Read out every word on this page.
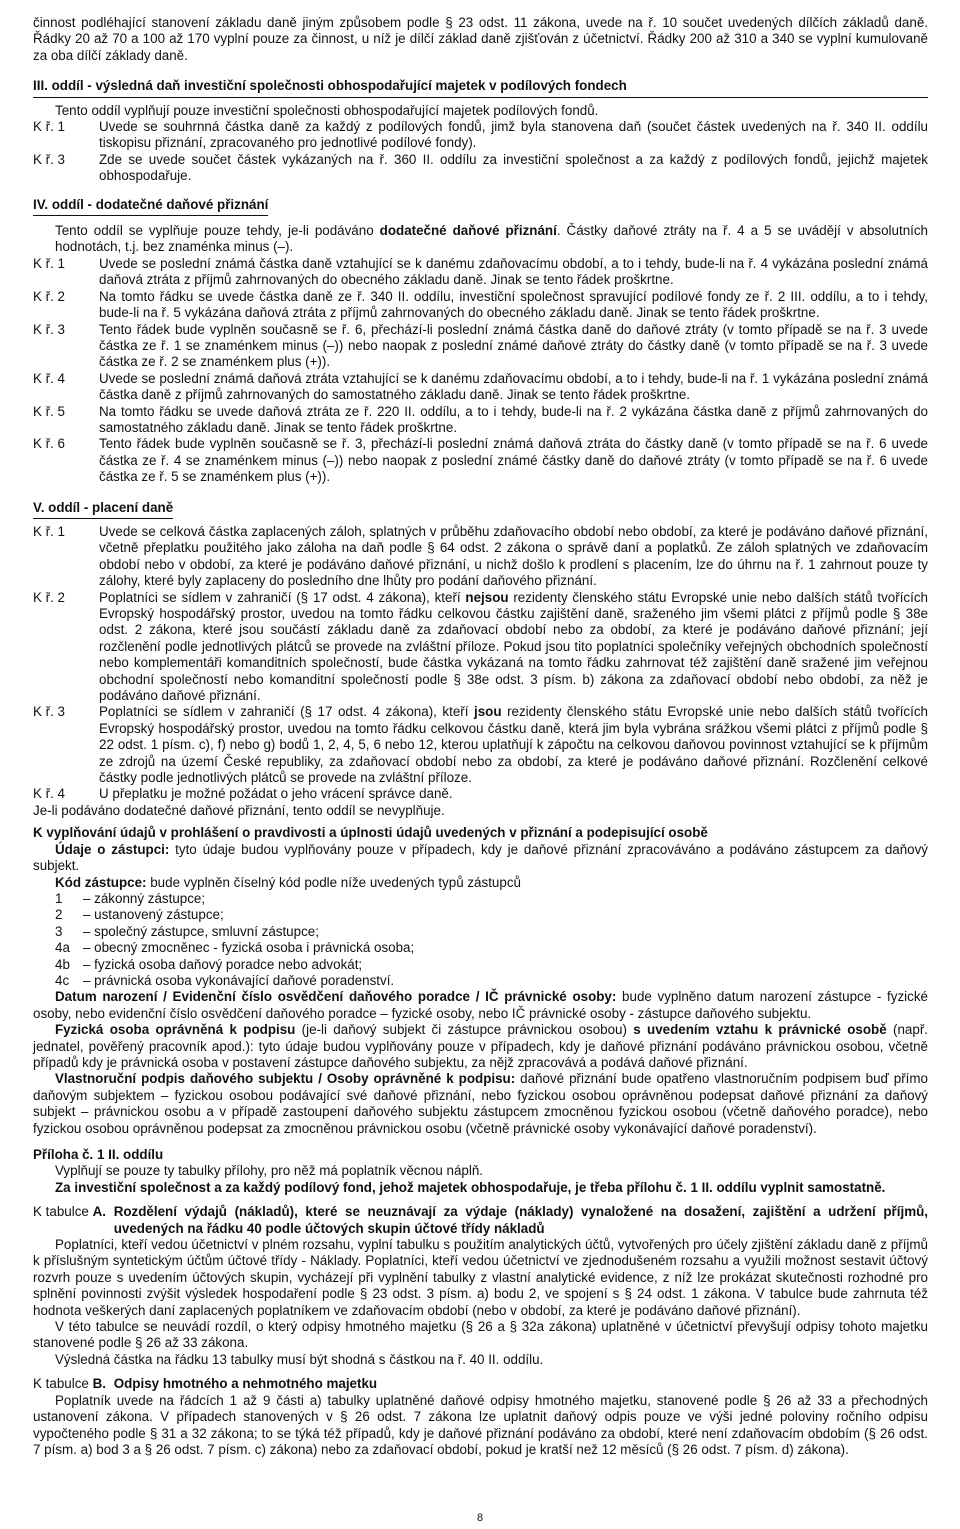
činnost podléhající stanovení základu daně jiným způsobem podle § 23 odst. 11 zákona, uvede na ř. 10 součet uvedených dílčích základů daně. Řádky 20 až 70 a 100 až 170 vyplní pouze za činnost, u níž je dílčí základ daně zjišťován z účetnictví. Řádky 200 až 310 a 340 se vyplní kumulovaně za oba dílčí základy daně.

III. oddíl - výsledná daň investiční společnosti obhospodařující majetek v podílových fondech

Tento oddíl vyplňují pouze investiční společnosti obhospodařující majetek podílových fondů.

K ř. 1	Uvede se souhrnná částka daně za každý z podílových fondů, jimž byla stanovena daň (součet částek uvedených na ř. 340 II. oddílu tiskopisu přiznání, zpracovaného pro jednotlivé podílové fondy).
K ř. 3	Zde se uvede součet částek vykázaných na ř. 360 II. oddílu za investiční společnost a za každý z podílových fondů, jejichž majetek obhospodařuje.
IV. oddíl - dodatečné daňové přiznání

Tento oddíl se vyplňuje pouze tehdy, je-li podáváno dodatečné daňové přiznání. Částky daňové ztráty na ř. 4 a 5 se uvádějí v absolutních hodnotách, t.j. bez znaménka minus (–).

K ř. 1	Uvede se poslední známá částka daně vztahující se k danému zdaňovacímu období, a to i tehdy, bude-li na ř. 4 vykázána poslední známá daňová ztráta z příjmů zahrnovaných do obecného základu daně. Jinak se tento řádek proškrtne.
K ř. 2	Na tomto řádku se uvede částka daně ze ř. 340 II. oddílu, investiční společnost spravující podílové fondy ze ř. 2 III. oddílu, a to i tehdy, bude-li na ř. 5 vykázána daňová ztráta z příjmů zahrnovaných do obecného základu daně. Jinak se tento řádek proškrtne.
K ř. 3	Tento řádek bude vyplněn současně se ř. 6, přechází-li poslední známá částka daně do daňové ztráty (v tomto případě se na ř. 3 uvede částka ze ř. 1 se znaménkem minus (–)) nebo naopak z poslední známé daňové ztráty do částky daně (v tomto případě se na ř. 3 uvede částka ze ř. 2 se znaménkem plus (+)).
K ř. 4	Uvede se poslední známá daňová ztráta vztahující se k danému zdaňovacímu období, a to i tehdy, bude-li na ř. 1 vykázána poslední známá částka daně z příjmů zahrnovaných do samostatného základu daně. Jinak se tento řádek proškrtne.
K ř. 5	Na tomto řádku se uvede daňová ztráta ze ř. 220 II. oddílu, a to i tehdy, bude-li na ř. 2 vykázána částka daně z příjmů zahrnovaných do samostatného základu daně. Jinak se tento řádek proškrtne.
K ř. 6	Tento řádek bude vyplněn současně se ř. 3, přechází-li poslední známá daňová ztráta do částky daně (v tomto případě se na ř. 6 uvede částka ze ř. 4 se znaménkem minus (–)) nebo naopak z poslední známé částky daně do daňové ztráty (v tomto případě se na ř. 6 uvede částka ze ř. 5 se znaménkem plus (+)).
V. oddíl - placení daně
K ř. 1	Uvede se celková částka zaplacených záloh, splatných v průběhu zdaňovacího období nebo období, za které je podáváno daňové přiznání, včetně přeplatku použitého jako záloha na daň podle § 64 odst. 2 zákona o správě daní a poplatků. Ze záloh splatných ve zdaňovacím období nebo v období, za které je podáváno daňové přiznání, u nichž došlo k prodlení s placením, lze do úhrnu na ř. 1 zahrnout pouze ty zálohy, které byly zaplaceny do posledního dne lhůty pro podání daňového přiznání.
K ř. 2	Poplatníci se sídlem v zahraničí (§ 17 odst. 4 zákona), kteří nejsou rezidenty členského státu Evropské unie nebo dalších států tvořících Evropský hospodářský prostor, uvedou na tomto řádku celkovou částku zajištění daně, sraženého jim všemi plátci z příjmů podle § 38e odst. 2 zákona, které jsou součástí základu daně za zdaňovací období nebo za období, za které je podáváno daňové přiznání; její rozčlenění podle jednotlivých plátců se provede na zvláštní příloze. Pokud jsou tito poplatníci společníky veřejných obchodních společností nebo komplementáři komanditních společností, bude částka vykázaná na tomto řádku zahrnovat též zajištění daně sražené jim veřejnou obchodní společností nebo komanditní společností podle § 38e odst. 3 písm. b) zákona za zdaňovací období nebo období, za něž je podáváno daňové přiznání.
K ř. 3	Poplatníci se sídlem v zahraničí (§ 17 odst. 4 zákona), kteří jsou rezidenty členského státu Evropské unie nebo dalších států tvořících Evropský hospodářský prostor, uvedou na tomto řádku celkovou částku daně, která jim byla vybrána srážkou všemi plátci z příjmů podle § 22 odst. 1 písm. c), f) nebo g) bodů 1, 2, 4, 5, 6 nebo 12, kterou uplatňují k zápočtu na celkovou daňovou povinnost vztahující se k příjmům ze zdrojů na území České republiky, za zdaňovací období nebo za období, za které je podáváno daňové přiznání. Rozčlenění celkové částky podle jednotlivých plátců se provede na zvláštní příloze.
K ř. 4	U přeplatku je možné požádat o jeho vrácení správce daně.

Je-li podáváno dodatečné daňové přiznání, tento oddíl se nevyplňuje.

K vyplňování údajů v prohlášení o pravdivosti a úplnosti údajů uvedených v přiznání a podepisující osobě

Údaje o zástupci: tyto údaje budou vyplňovány pouze v případech, kdy je daňové přiznání zpracováváno a podáváno zástupcem za daňový subjekt.

Kód zástupce: bude vyplněn číselný kód podle níže uvedených typů zástupců

1	– zákonný zástupce;
2	– ustanovený zástupce;
3	– společný zástupce, smluvní zástupce;
4a – obecný zmocněnec - fyzická osoba i právnická osoba;
4b – fyzická osoba daňový poradce nebo advokát;
4c	– právnická osoba vykonávající daňové poradenství.

Datum narození / Evidenční číslo osvědčení daňového poradce / IČ právnické osoby: bude vyplněno datum narození zástupce - fyzické osoby, nebo evidenční číslo osvědčení daňového poradce – fyzické osoby, nebo IČ právnické osoby - zástupce daňového subjektu.

Fyzická osoba oprávněná k podpisu (je-li daňový subjekt či zástupce právnickou osobou) s uvedením vztahu k právnické osobě (např. jednatel, pověřený pracovník apod.): tyto údaje budou vyplňovány pouze v případech, kdy je daňové přiznání podáváno právnickou osobou, včetně případů kdy je právnická osoba v postavení zástupce daňového subjektu, za nějž zpracovává a podává daňové přiznání.

Vlastnoruční podpis daňového subjektu / Osoby oprávněné k podpisu: daňové přiznání bude opatřeno vlastnoručním podpisem buď přímo daňovým subjektem – fyzickou osobou podávající své daňové přiznání, nebo fyzickou osobou oprávněnou podepsat daňové přiznání za daňový subjekt – právnickou osobu a v případě zastoupení daňového subjektu zástupcem zmocněnou fyzickou osobou (včetně daňového poradce), nebo fyzickou osobou oprávněnou podepsat za zmocněnou právnickou osobu (včetně právnické osoby vykonávající daňové poradenství).

Příloha č. 1 II. oddílu

Vyplňují se pouze ty tabulky přílohy, pro něž má poplatník věcnou náplň.

Za investiční společnost a za každý podílový fond, jehož majetek obhospodařuje, je třeba přílohu č. 1 II. oddílu vyplnit samostatně.

K tabulce A. Rozdělení výdajů (nákladů), které se neuznávají za výdaje (náklady) vynaložené na dosažení, zajištění a udržení příjmů, uvedených na řádku 40 podle účtových skupin účtové třídy nákladů

Poplatníci, kteří vedou účetnictví v plném rozsahu, vyplní tabulku s použitím analytických účtů, vytvořených pro účely zjištění základu daně z příjmů k příslušným syntetickým účtům účtové třídy - Náklady. Poplatníci, kteří vedou účetnictví ve zjednodušeném rozsahu a využili možnost sestavit účtový rozvrh pouze s uvedením účtových skupin, vycházejí při vyplnění tabulky z vlastní analytické evidence, z níž lze prokázat skutečnosti rozhodné pro splnění povinnosti zvýšit výsledek hospodaření podle § 23 odst. 3 písm. a) bodu 2, ve spojení s § 24 odst. 1 zákona. V tabulce bude zahrnuta též hodnota veškerých daní zaplacených poplatníkem ve zdaňovacím období (nebo v období, za které je podáváno daňové přiznání).

V této tabulce se neuvádí rozdíl, o který odpisy hmotného majetku (§ 26 a § 32a zákona) uplatněné v účetnictví převyšují odpisy tohoto majetku stanovené podle § 26 až 33 zákona.

Výsledná částka na řádku 13 tabulky musí být shodná s částkou na ř. 40 II. oddílu.

K tabulce B. Odpisy hmotného a nehmotného majetku

Poplatník uvede na řádcích 1 až 9 části a) tabulky uplatněné daňové odpisy hmotného majetku, stanovené podle § 26 až 33 a přechodných ustanovení zákona. V případech stanovených v § 26 odst. 7 zákona lze uplatnit daňový odpis pouze ve výši jedné poloviny ročního odpisu vypočteného podle § 31 a 32 zákona; to se týká též případů, kdy je daňové přiznání podáváno za období, které není zdaňovacím obdobím (§ 26 odst. 7 písm. a) bod 3 a § 26 odst. 7 písm. c) zákona) nebo za zdaňovací období, pokud je kratší než 12 měsíců (§ 26 odst. 7 písm. d) zákona).

8
